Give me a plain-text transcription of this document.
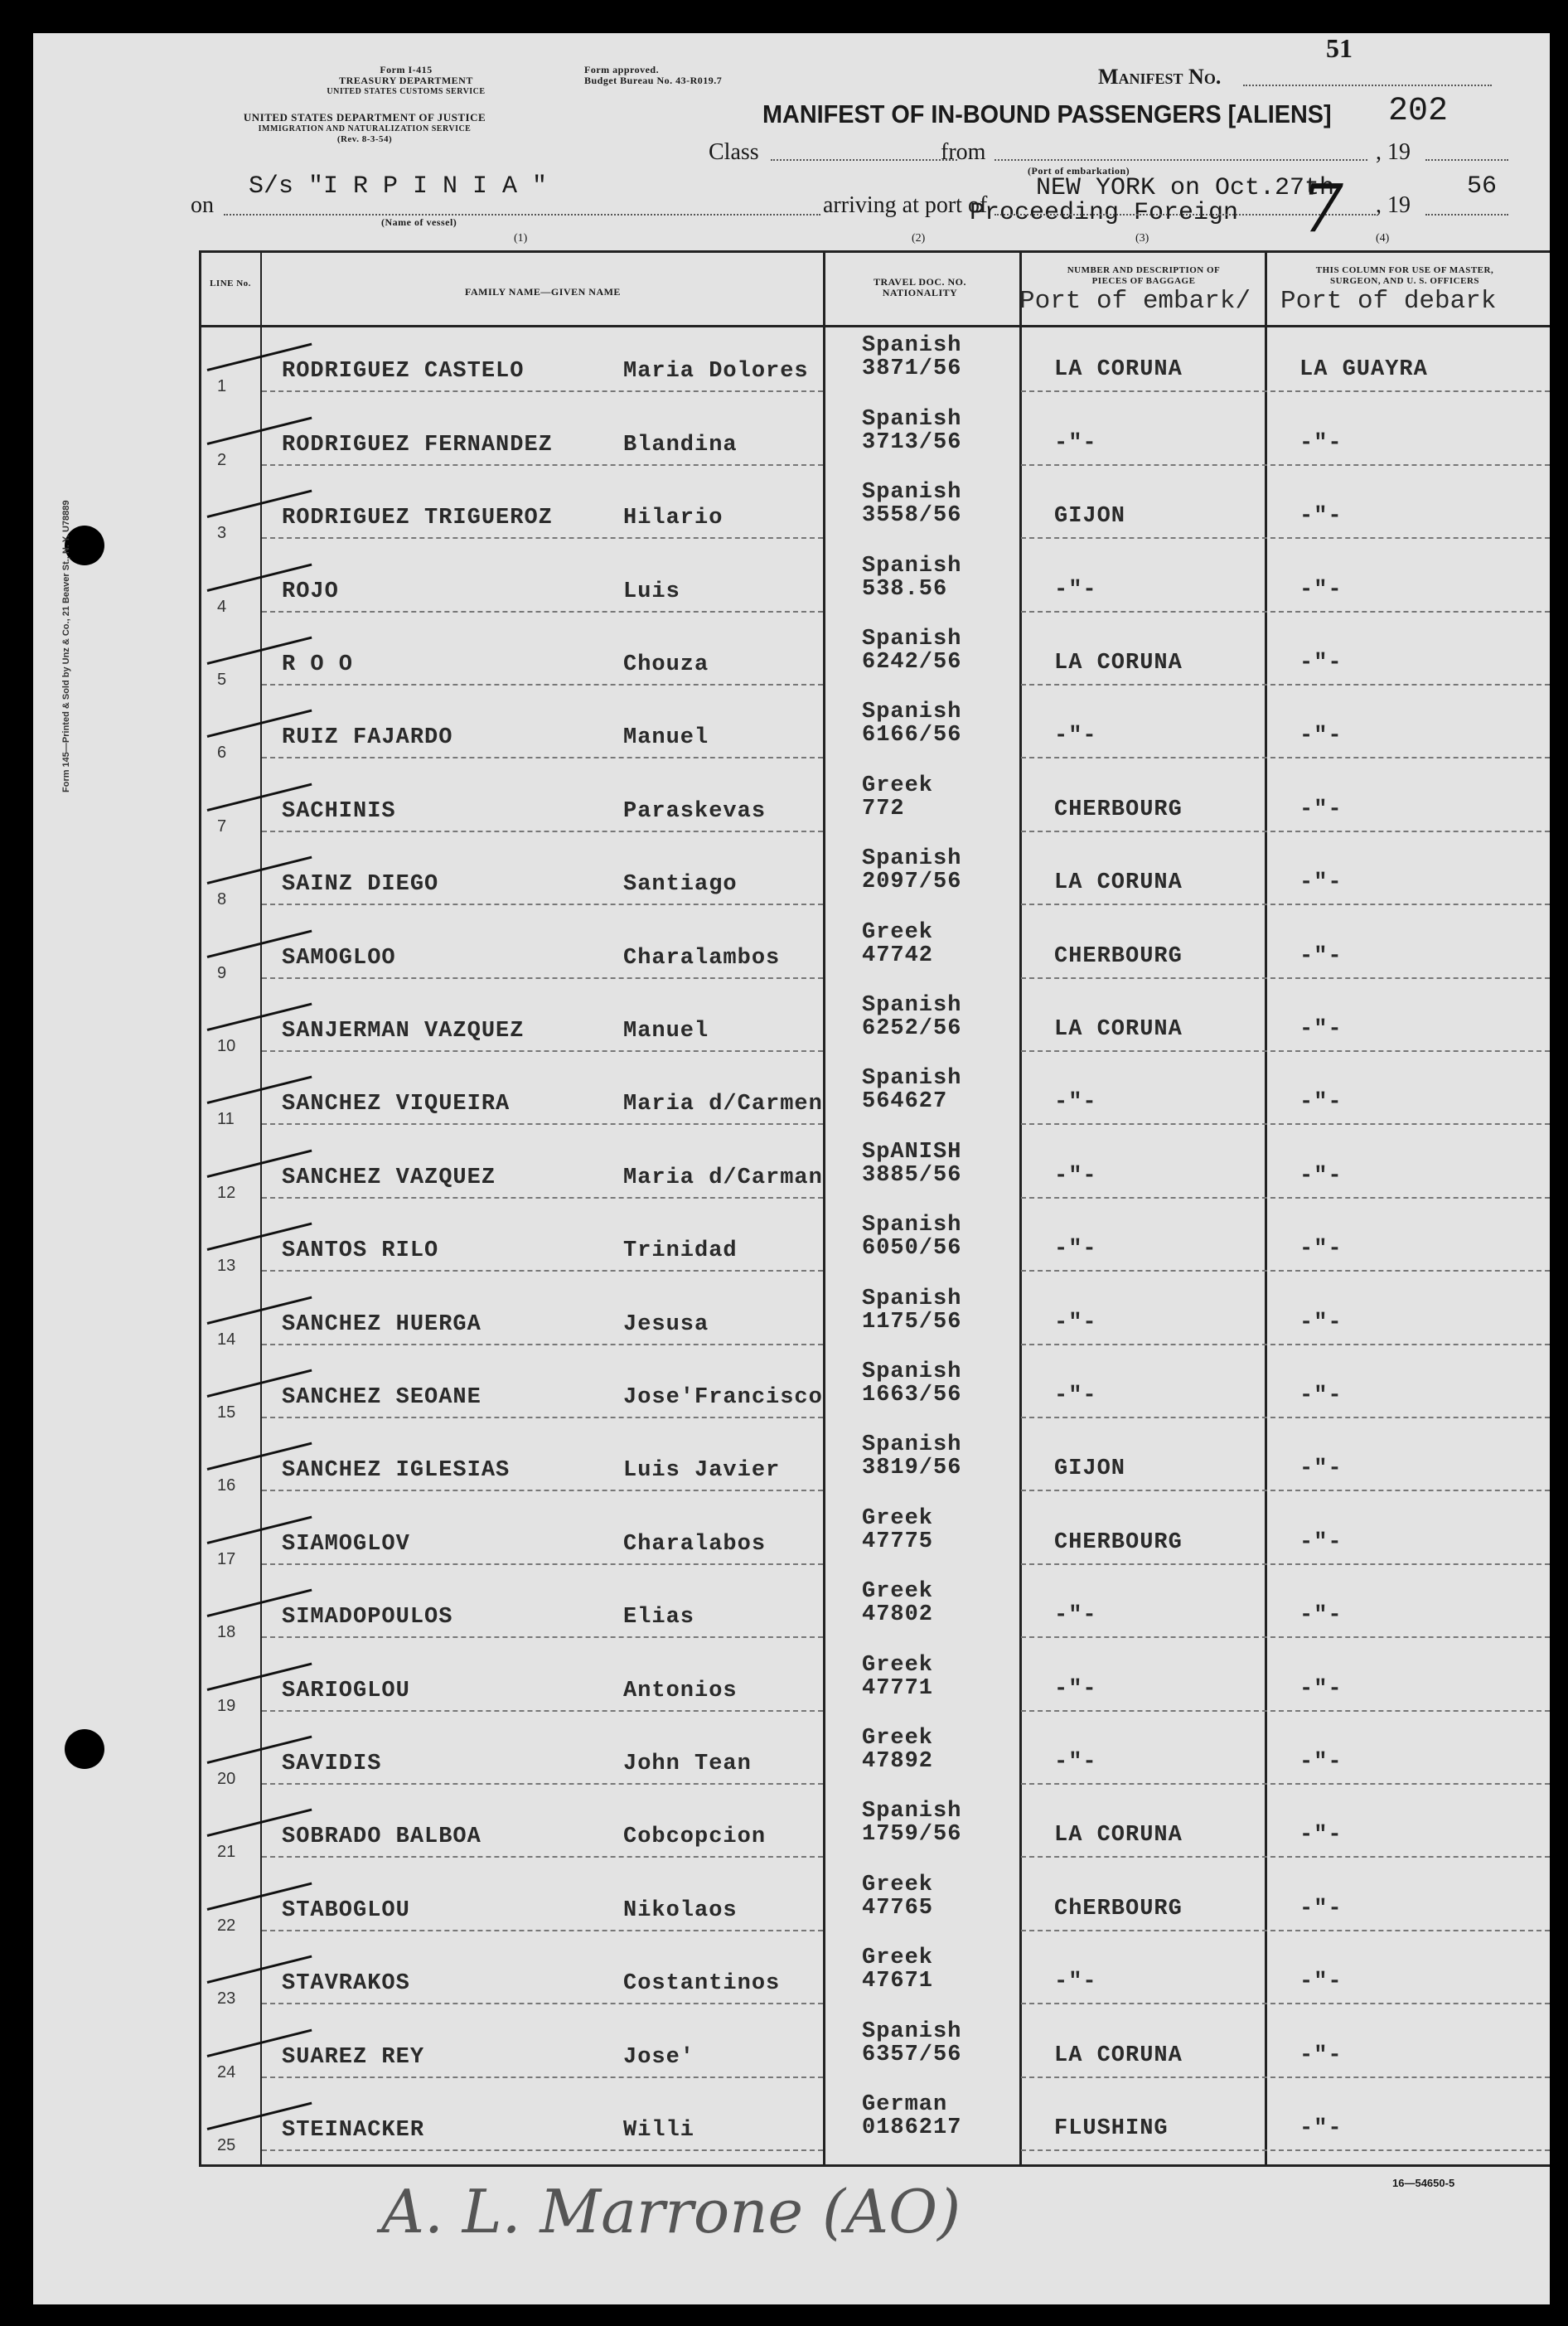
Form 145—Printed & Sold by Unz & Co., 21 Beaver St., N. Y. U78889
51
Form I-415
TREASURY DEPARTMENT
UNITED STATES CUSTOMS SERVICE
UNITED STATES DEPARTMENT OF JUSTICE
IMMIGRATION AND NATURALIZATION SERVICE
(Rev. 8-3-54)
Form approved.
Budget Bureau No. 43-R019.7	Manifest No.
202
MANIFEST OF IN-BOUND PASSENGERS [ALIENS]
Class	from	, 19
on
S/s "I R P I N I A "
(Name of vessel)
(1)
arriving at port of
(Port of embarkation)
NEW YORK on Oct.27th
Proceeding Foreign	, 19
56
7
(2)	(3)	(4)
LINE No.
FAMILY NAME—GIVEN NAME
TRAVEL DOC. NO. NATIONALITY
NUMBER AND DESCRIPTION OF PIECES OF BAGGAGE
THIS COLUMN FOR USE OF MASTER, SURGEON, AND U. S. OFFICERS
Port of embark/ Port of debark
1
RODRIGUEZ CASTELO	Maria Dolores
Spanish
3871/56	LA CORUNA	LA GUAYRA
2
RODRIGUEZ FERNANDEZ	Blandina
Spanish
3713/56	-"-	-"-
3
RODRIGUEZ TRIGUEROZ	Hilario
Spanish
3558/56	GIJON	-"-
4
ROJO	Luis
Spanish
538.56	-"-	-"-
5
R O O	Chouza
Spanish
6242/56	LA CORUNA	-"-
6
RUIZ FAJARDO	Manuel
Spanish
6166/56	-"-	-"-
7
SACHINIS	Paraskevas
Greek
772	CHERBOURG	-"-
8
SAINZ DIEGO	Santiago
Spanish
2097/56	LA CORUNA	-"-
9
SAMOGLOO	Charalambos
Greek
47742	CHERBOURG	-"-
10
SANJERMAN VAZQUEZ	Manuel
Spanish
6252/56	LA CORUNA	-"-
11
SANCHEZ VIQUEIRA	Maria d/Carmen
Spanish
564627	-"-	-"-
12
SANCHEZ VAZQUEZ	Maria d/Carman
SpANISH
3885/56	-"-	-"-
13
SANTOS RILO	Trinidad
Spanish
6050/56	-"-	-"-
14
SANCHEZ HUERGA	Jesusa
Spanish
1175/56	-"-	-"-
15
SANCHEZ SEOANE	Jose'Francisco
Spanish
1663/56	-"-	-"-
16
SANCHEZ IGLESIAS	Luis Javier
Spanish
3819/56	GIJON	-"-
17
SIAMOGLOV	Charalabos
Greek
47775	CHERBOURG	-"-
18
SIMADOPOULOS	Elias
Greek
47802	-"-	-"-
19
SARIOGLOU	Antonios
Greek
47771	-"-	-"-
20
SAVIDIS	John Tean
Greek
47892	-"-	-"-
21
SOBRADO BALBOA	Cobcopcion
Spanish
1759/56	LA CORUNA	-"-
22
STABOGLOU	Nikolaos
Greek
47765	ChERBOURG	-"-
23
STAVRAKOS	Costantinos
Greek
47671	-"-	-"-
24
SUAREZ REY	Jose'
Spanish
6357/56	LA CORUNA	-"-
25
STEINACKER	Willi
German
0186217	FLUSHING	-"-
A. L. Marrone (AO)	16—54650-5
